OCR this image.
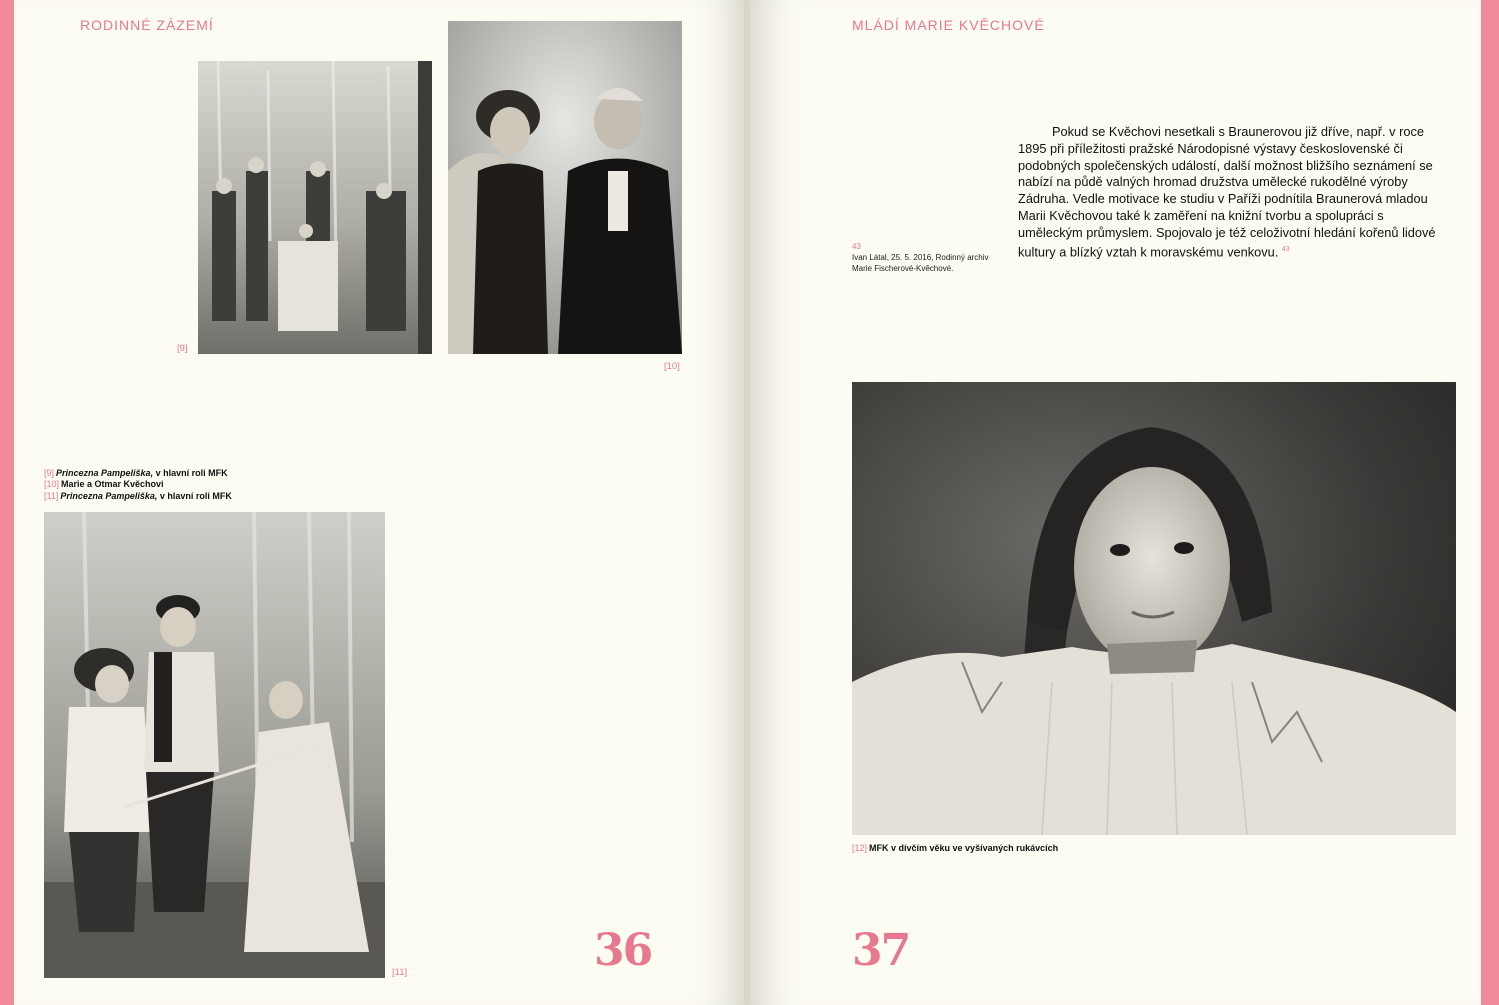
RODINNÉ ZÁZEMÍ
[9]
[10]
[9] Princezna Pampeliška, v hlavní roli MFK
[10] Marie a Otmar Kvěchovi
[11] Princezna Pampeliška, v hlavní roli MFK
[11]	36
MLÁDÍ MARIE KVĚCHOVÉ
43
Ivan Látal, 25. 5. 2016, Rodinný archiv Marie Fischerové-Kvěchové.
Pokud se Kvěchovi nesetkali s Braunerovou již dříve, např. v roce 1895 při příležitosti pražské Národopisné výstavy československé či podobných společenských událostí, další možnost bližšího seznámení se nabízí na půdě valných hromad družstva umělecké rukodělné výroby Zádruha. Vedle motivace ke studiu v Paříži podnítila Braunerová mladou Marii Kvěchovou také k zaměření na knižní tvorbu a spolupráci s uměleckým průmyslem. Spojovalo je též celoživotní hledání kořenů lidové kultury a blízký vztah k moravskému venkovu. $^{43}$
[12] MFK v dívčím věku ve vyšívaných rukávcích
37
